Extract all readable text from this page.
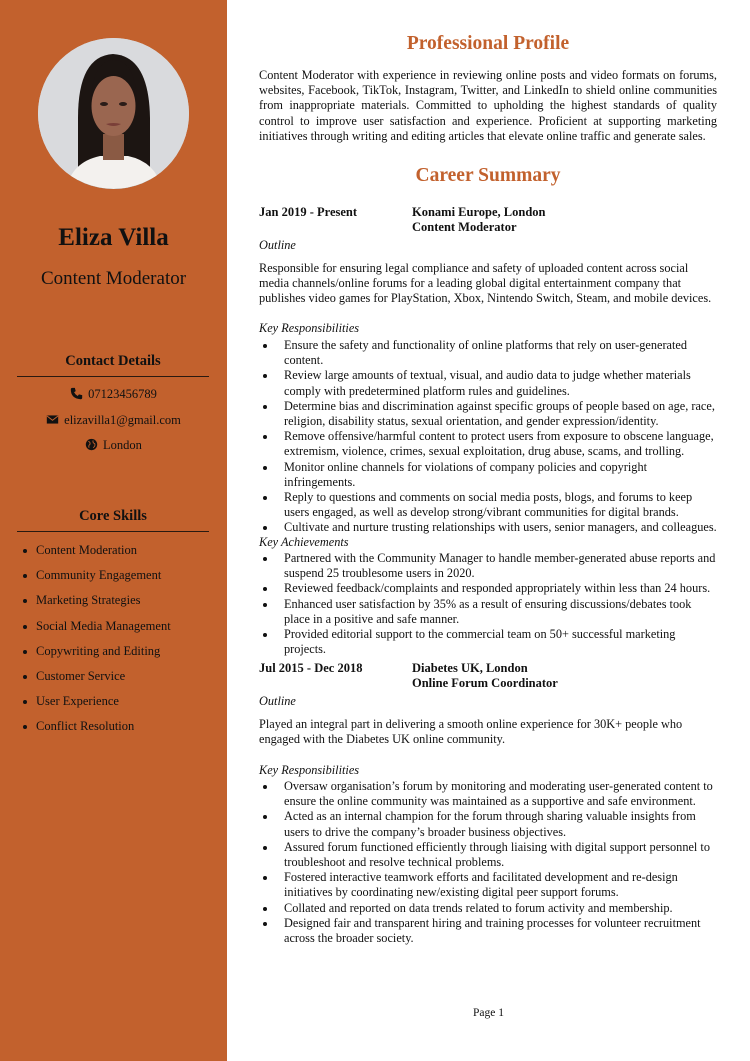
Eliza Villa
Content Moderator
Contact Details
07123456789
elizavilla1@gmail.com
London
Core Skills
Content Moderation
Community Engagement
Marketing Strategies
Social Media Management
Copywriting and Editing
Customer Service
User Experience
Conflict Resolution
Professional Profile
Content Moderator with experience in reviewing online posts and video formats on forums, websites, Facebook, TikTok, Instagram, Twitter, and LinkedIn to shield online communities from inappropriate materials. Committed to upholding the highest standards of quality control to improve user satisfaction and experience. Proficient at supporting marketing initiatives through writing and editing articles that elevate online traffic and generate sales.
Career Summary
Jan 2019 - Present	Konami Europe, London
Content Moderator
Outline
Responsible for ensuring legal compliance and safety of uploaded content across social media channels/online forums for a leading global digital entertainment company that publishes video games for PlayStation, Xbox, Nintendo Switch, Steam, and mobile devices.
Key Responsibilities
Ensure the safety and functionality of online platforms that rely on user-generated content.
Review large amounts of textual, visual, and audio data to judge whether materials comply with predetermined platform rules and guidelines.
Determine bias and discrimination against specific groups of people based on age, race, religion, disability status, sexual orientation, and gender expression/identity.
Remove offensive/harmful content to protect users from exposure to obscene language, extremism, violence, crimes, sexual exploitation, drug abuse, scams, and trolling.
Monitor online channels for violations of company policies and copyright infringements.
Reply to questions and comments on social media posts, blogs, and forums to keep users engaged, as well as develop strong/vibrant communities for digital brands.
Cultivate and nurture trusting relationships with users, senior managers, and colleagues.
Key Achievements
Partnered with the Community Manager to handle member-generated abuse reports and suspend 25 troublesome users in 2020.
Reviewed feedback/complaints and responded appropriately within less than 24 hours.
Enhanced user satisfaction by 35% as a result of ensuring discussions/debates took place in a positive and safe manner.
Provided editorial support to the commercial team on 50+ successful marketing projects.
Jul 2015 - Dec 2018	Diabetes UK, London
Online Forum Coordinator
Outline
Played an integral part in delivering a smooth online experience for 30K+ people who engaged with the Diabetes UK online community.
Key Responsibilities
Oversaw organisation’s forum by monitoring and moderating user-generated content to ensure the online community was maintained as a supportive and safe environment.
Acted as an internal champion for the forum through sharing valuable insights from users to drive the company’s broader business objectives.
Assured forum functioned efficiently through liaising with digital support personnel to troubleshoot and resolve technical problems.
Fostered interactive teamwork efforts and facilitated development and re-design initiatives by coordinating new/existing digital peer support forums.
Collated and reported on data trends related to forum activity and membership.
Designed fair and transparent hiring and training processes for volunteer recruitment across the broader society.
Page 1
